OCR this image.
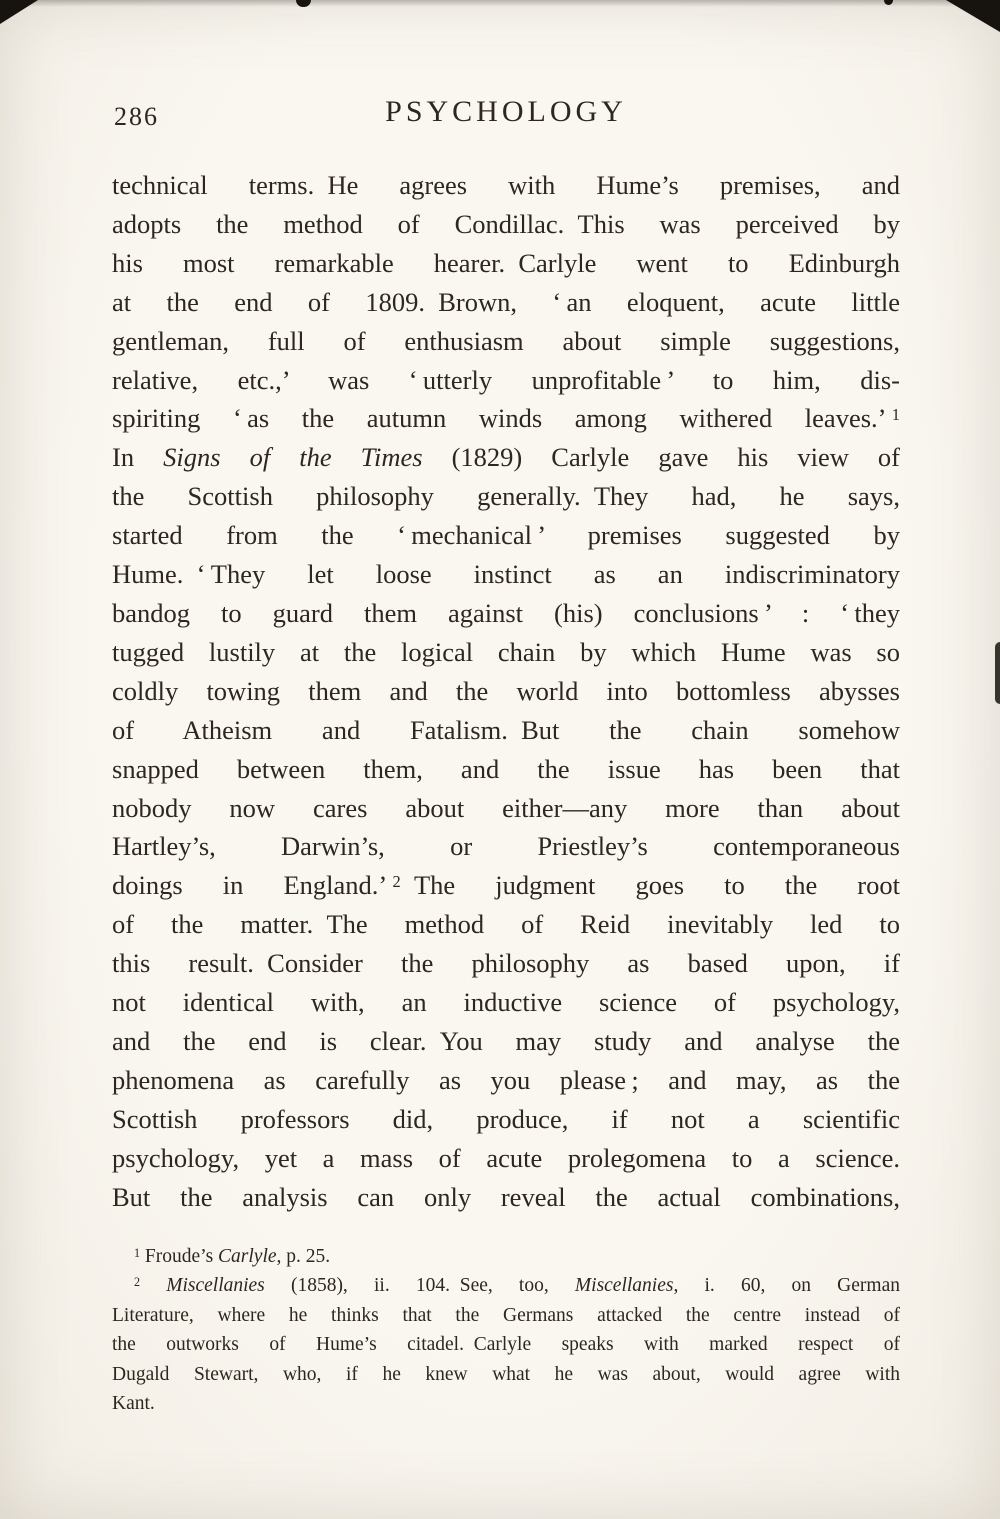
286	PSYCHOLOGY
technical terms. He agrees with Hume’s premises, and
adopts the method of Condillac. This was perceived by
his most remarkable hearer. Carlyle went to Edinburgh
at the end of 1809. Brown, ‘ an eloquent, acute little
gentleman, full of enthusiasm about simple suggestions,
relative, etc.,’ was ‘ utterly unprofitable ’ to him, dis-
spiriting ‘ as the autumn winds among withered leaves.’ $^1$
In Signs of the Times (1829) Carlyle gave his view of
the Scottish philosophy generally. They had, he says,
started from the ‘ mechanical ’ premises suggested by
Hume. ‘ They let loose instinct as an indiscriminatory
bandog to guard them against (his) conclusions ’ : ‘ they
tugged lustily at the logical chain by which Hume was so
coldly towing them and the world into bottomless abysses
of Atheism and Fatalism. But the chain somehow
snapped between them, and the issue has been that
nobody now cares about either—any more than about
Hartley’s, Darwin’s, or Priestley’s contemporaneous
doings in England.’ $^2$ The judgment goes to the root
of the matter. The method of Reid inevitably led to
this result. Consider the philosophy as based upon, if
not identical with, an inductive science of psychology,
and the end is clear. You may study and analyse the
phenomena as carefully as you please ; and may, as the
Scottish professors did, produce, if not a scientific
psychology, yet a mass of acute prolegomena to a science.
But the analysis can only reveal the actual combinations,
$^1$ Froude’s Carlyle, p. 25.
$^2$ Miscellanies (1858), ii. 104. See, too, Miscellanies, i. 60, on German
Literature, where he thinks that the Germans attacked the centre instead of
the outworks of Hume’s citadel. Carlyle speaks with marked respect of
Dugald Stewart, who, if he knew what he was about, would agree with
Kant.
